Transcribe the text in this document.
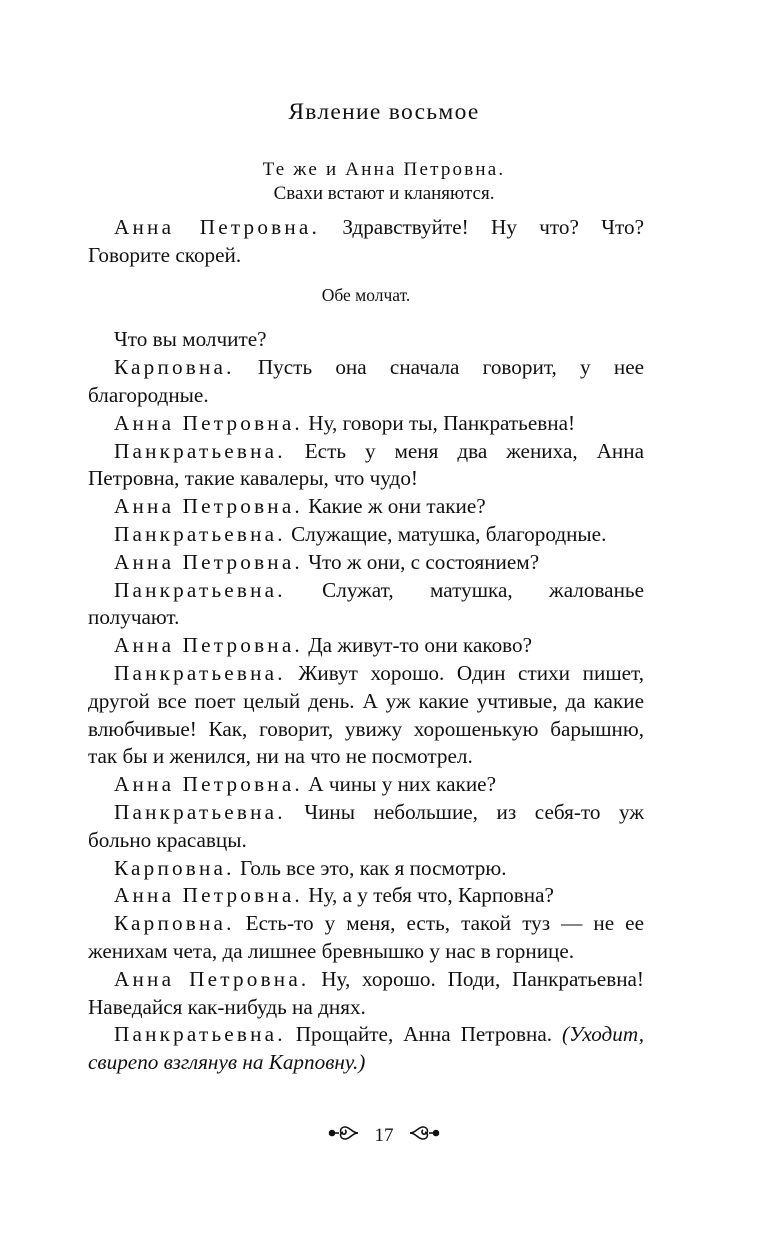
Явление восьмое
Те же и Анна Петровна.
Свахи встают и кланяются.

Анна Петровна. Здравствуйте! Ну что? Что? Говорите скорей.

Обе молчат.

Что вы молчите?

Карповна. Пусть она сначала говорит, у нее благородные.

Анна Петровна. Ну, говори ты, Панкратьевна!

Панкратьевна. Есть у меня два жениха, Анна Петровна, такие кавалеры, что чудо!

Анна Петровна. Какие ж они такие?

Панкратьевна. Служащие, матушка, благородные.

Анна Петровна. Что ж они, с состоянием?

Панкратьевна. Служат, матушка, жалованье получают.

Анна Петровна. Да живут-то они каково?

Панкратьевна. Живут хорошо. Один стихи пишет, другой все поет целый день. А уж какие учтивые, да какие влюбчивые! Как, говорит, увижу хорошенькую барышню, так бы и женился, ни на что не посмотрел.

Анна Петровна. А чины у них какие?

Панкратьевна. Чины небольшие, из себя-то уж больно красавцы.

Карповна. Голь все это, как я посмотрю.

Анна Петровна. Ну, а у тебя что, Карповна?

Карповна. Есть-то у меня, есть, такой туз — не ее женихам чета, да лишнее бревнышко у нас в горнице.

Анна Петровна. Ну, хорошо. Поди, Панкратьевна! Наведайся как-нибудь на днях.

Панкратьевна. Прощайте, Анна Петровна. (Уходит, свирепо взглянув на Карповну.)

17
